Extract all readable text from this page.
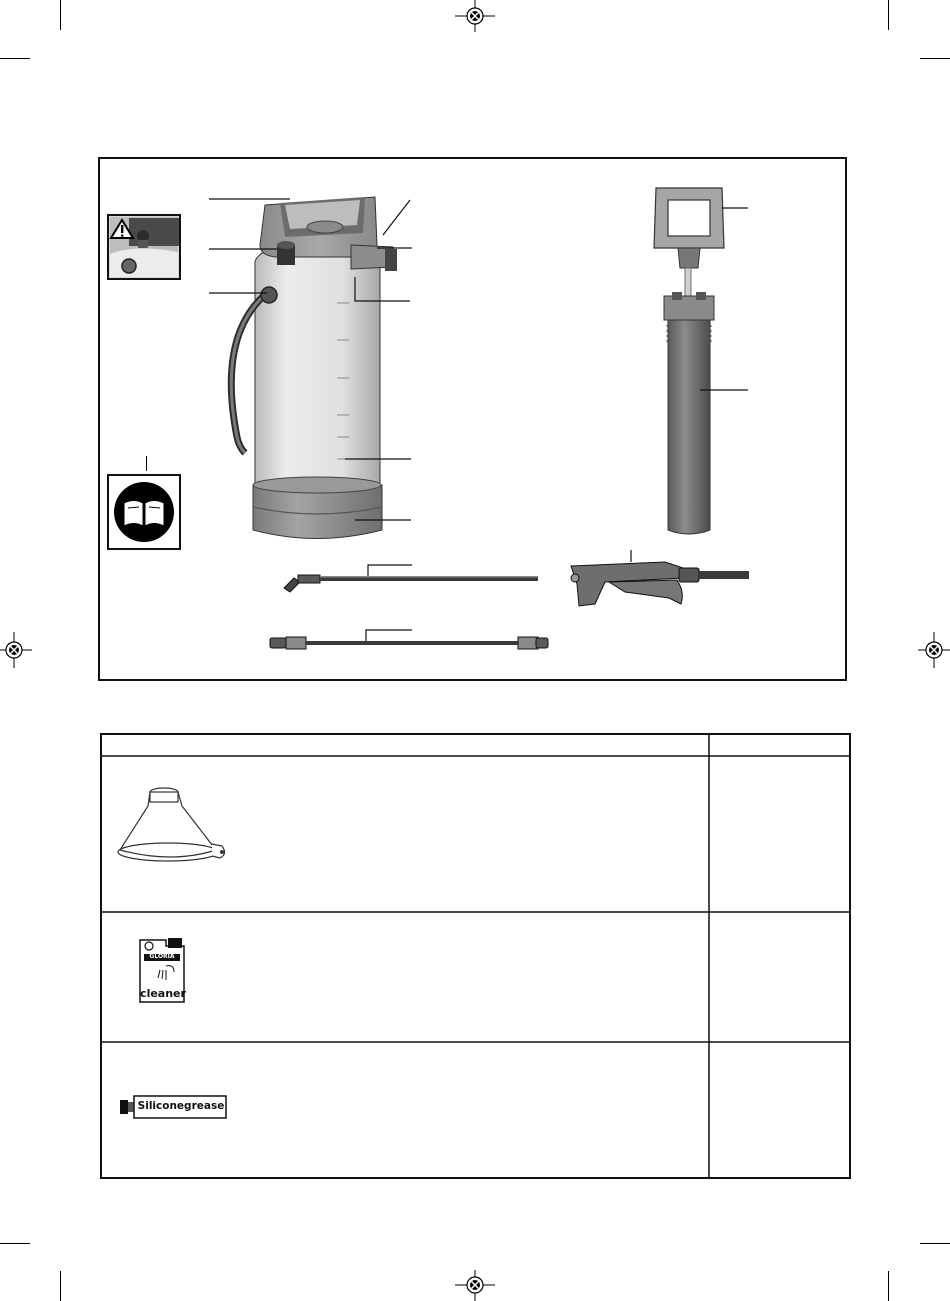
GLORIA
cleaner
Siliconegrease
